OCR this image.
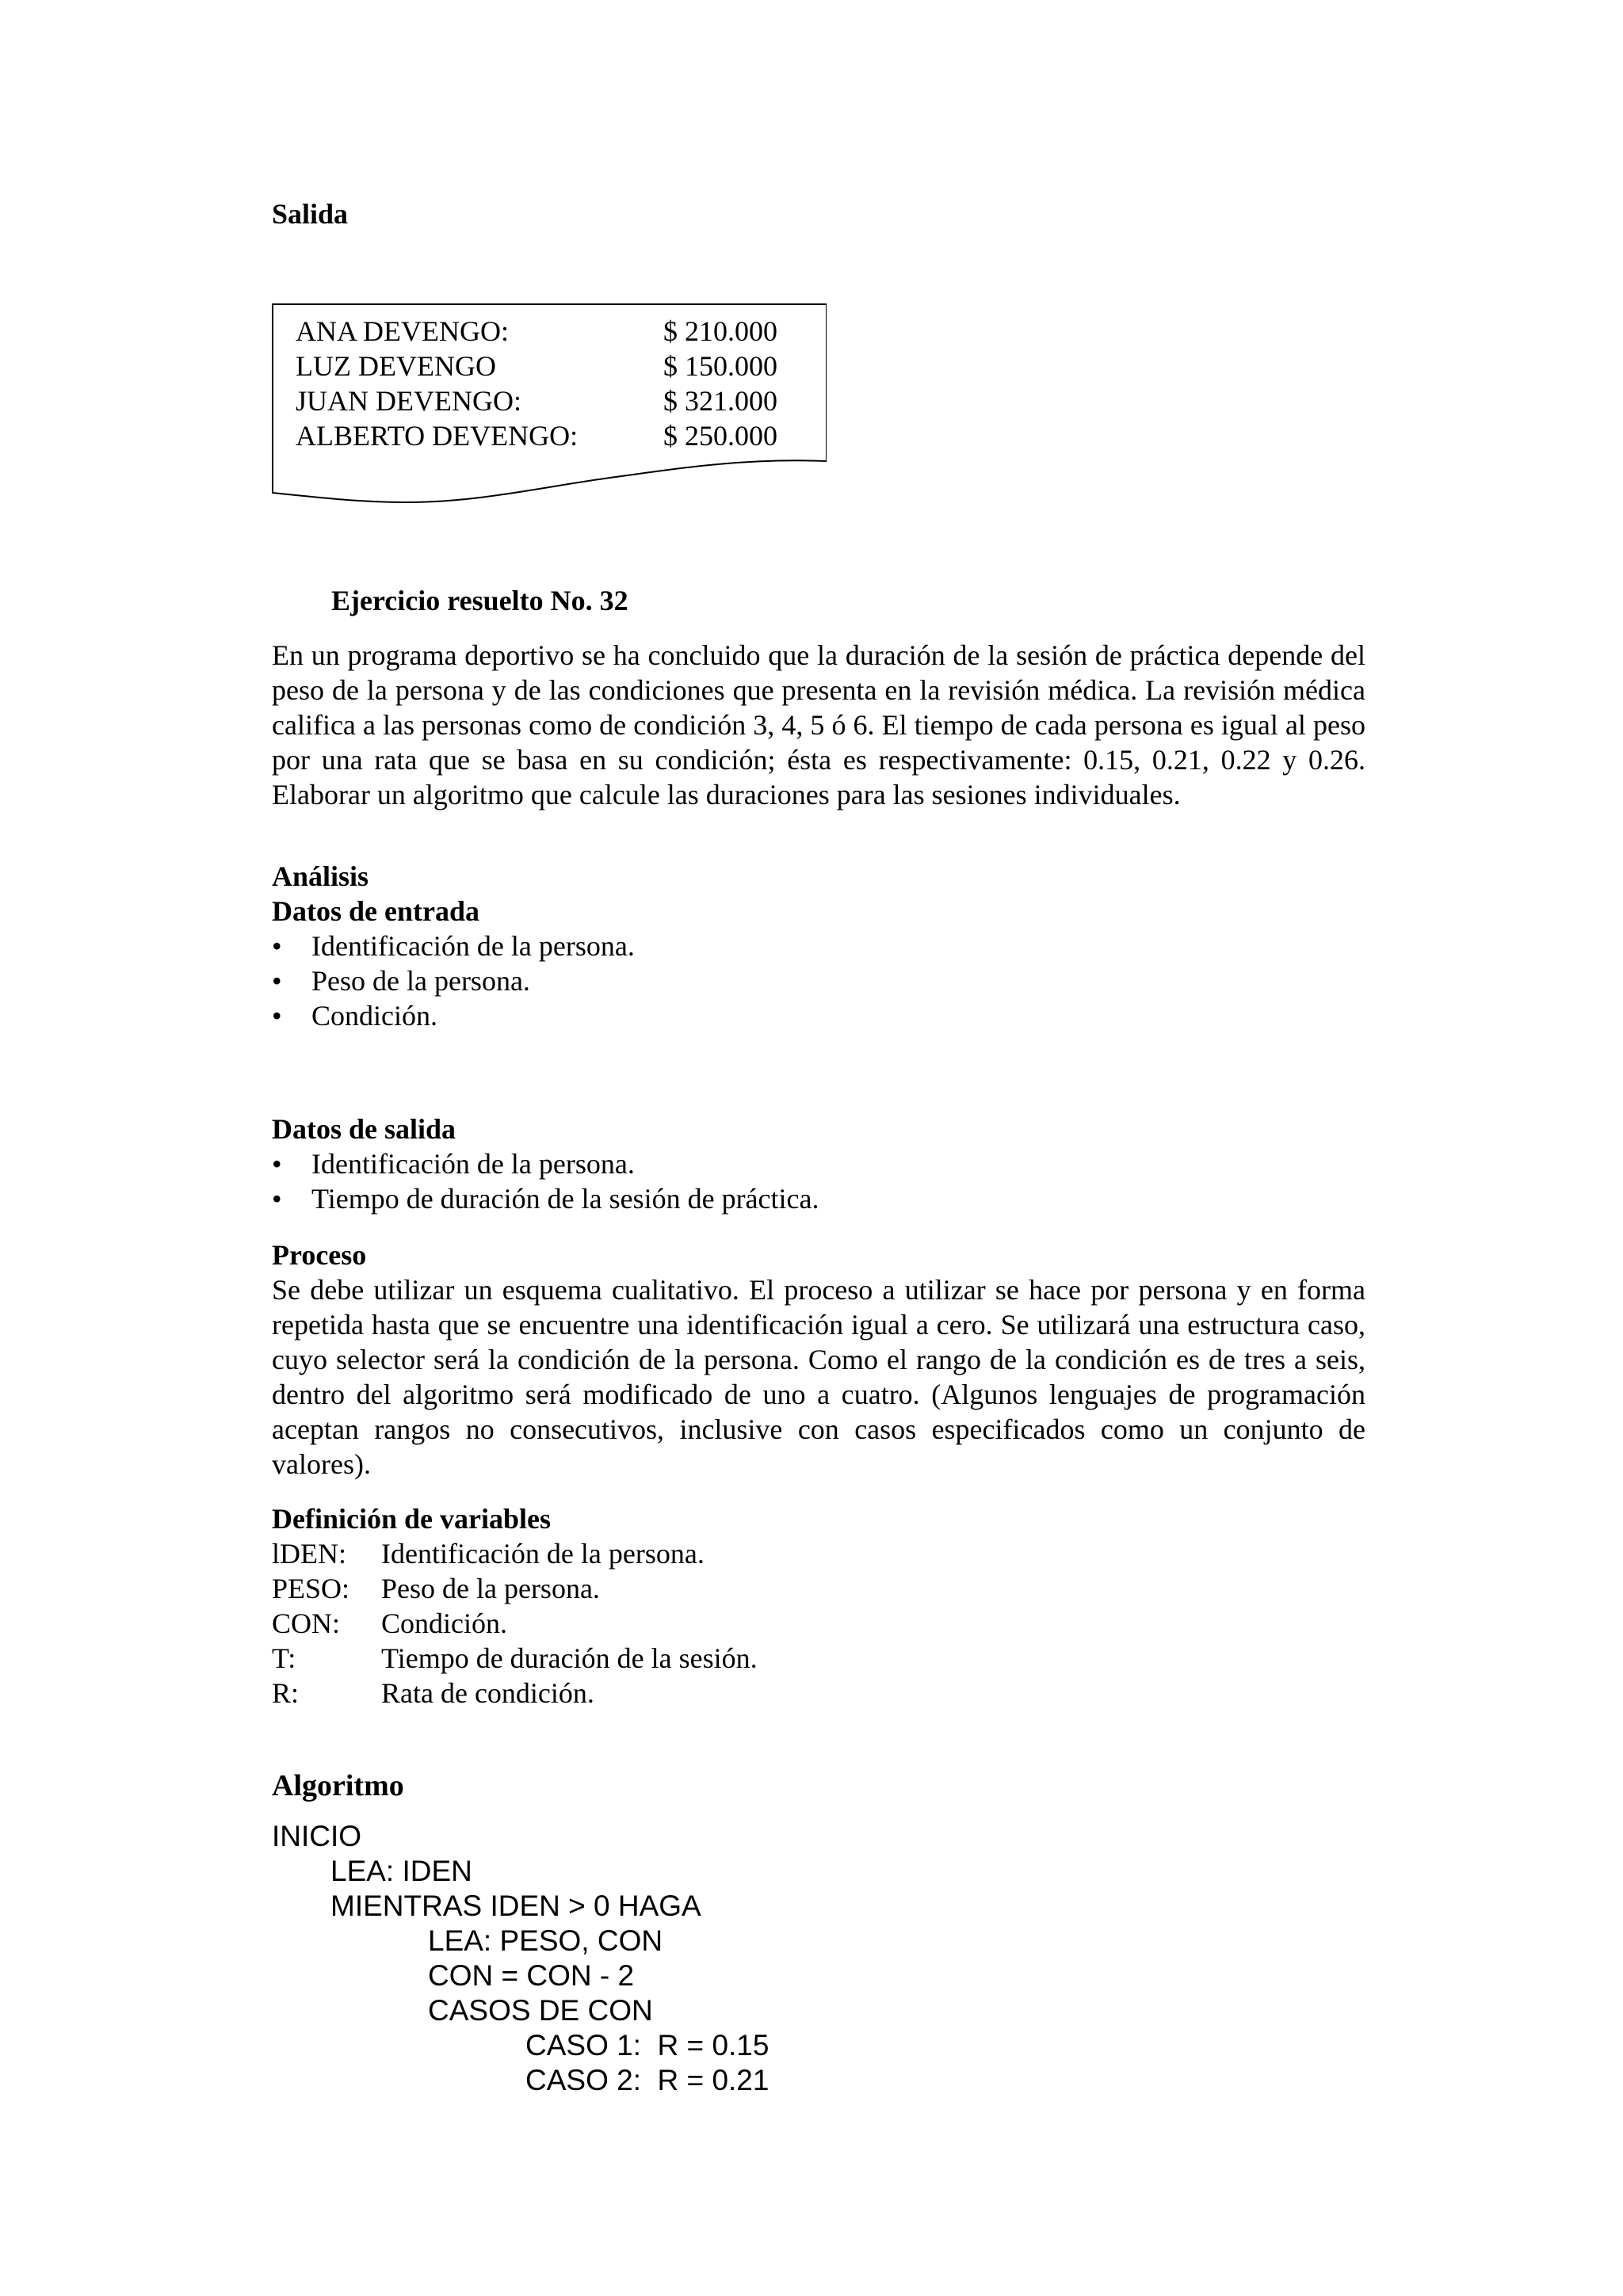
Salida
ANA DEVENGO:	$ 210.000
LUZ DEVENGO	$ 150.000
JUAN DEVENGO:	$ 321.000
ALBERTO DEVENGO:	$ 250.000
Ejercicio resuelto No. 32
En un programa deportivo se ha concluido que la duración de la sesión de práctica depende del peso de la persona y de las condiciones que presenta en la revisión médica. La revisión médica califica a las personas como de condición 3, 4, 5 ó 6. El tiempo de cada persona es igual al peso por una rata que se basa en su condición; ésta es respectivamente: 0.15, 0.21, 0.22 y 0.26. Elaborar un algoritmo que calcule las duraciones para las sesiones individuales.
Análisis
Datos de entrada
• Identificación de la persona.
• Peso de la persona.
• Condición.
Datos de salida
• Identificación de la persona.
• Tiempo de duración de la sesión de práctica.
Proceso
Se debe utilizar un esquema cualitativo. El proceso a utilizar se hace por persona y en forma repetida hasta que se encuentre una identificación igual a cero. Se utilizará una estructura caso, cuyo selector será la condición de la persona. Como el rango de la condición es de tres a seis, dentro del algoritmo será modificado de uno a cuatro. (Algunos lenguajes de programación aceptan rangos no consecutivos, inclusive con casos especificados como un conjunto de valores).
Definición de variables
lDEN: Identificación de la persona.
PESO: Peso de la persona.
CON: Condición.
T:	Tiempo de duración de la sesión.
R:	Rata de condición.
Algoritmo
INICIO
LEA: IDEN
MIENTRAS IDEN > 0 HAGA
LEA: PESO, CON
CON = CON - 2
CASOS DE CON
CASO 1:  R = 0.15
CASO 2:  R = 0.21
